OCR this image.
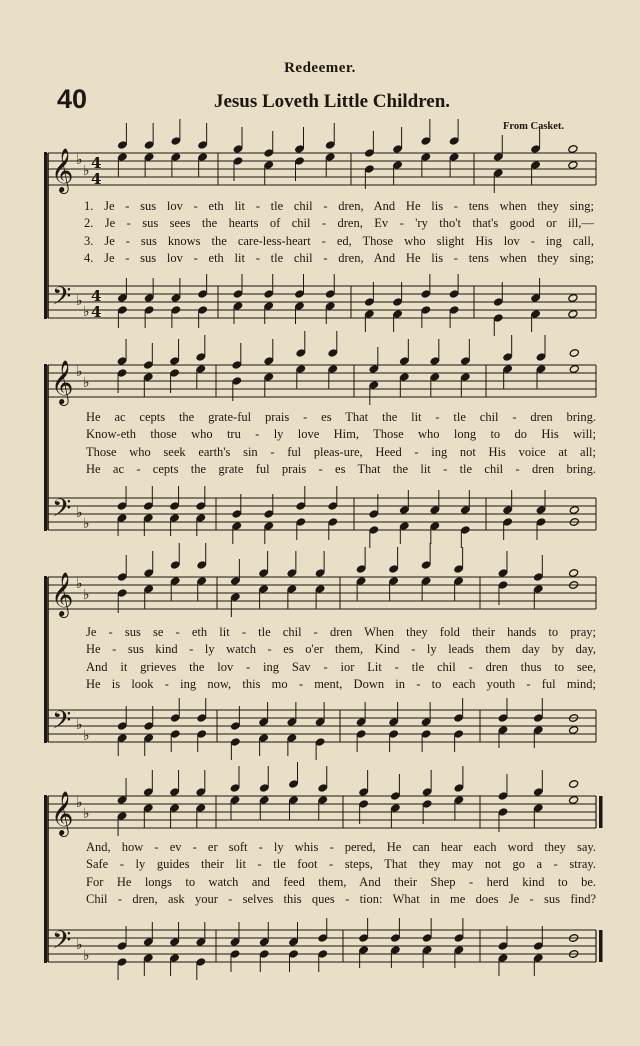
Redeemer.
40	Jesus Loveth Little Children.
From Casket.
𝄞
𝄢
♭
♭
♭
♭
4
4
4
4
𝄞
𝄢
♭
♭
♭
♭
𝄞
𝄢
♭
♭
♭
♭
𝄞
𝄢
♭
♭
♭
♭
1. Je - sus lov - eth lit - tle chil - dren, And He lis - tens when they sing;
2. Je - sus sees the hearts of chil - dren, Ev - 'ry tho't that's good or ill,—
3. Je - sus knows the care-less-heart - ed, Those who slight His lov - ing call,
4. Je - sus lov - eth lit - tle chil - dren, And He lis - tens when they sing;
He ac cepts the grate-ful prais - es That the lit - tle chil - dren bring.
Know-eth those who tru - ly love Him, Those who long to do His will;
Those who seek earth's sin - ful pleas-ure, Heed - ing not His voice at all;
He ac - cepts the grate ful prais - es That the lit - tle chil - dren bring.
Je - sus se - eth lit - tle chil - dren When they fold their hands to pray;
He - sus kind - ly watch - es o'er them, Kind - ly leads them day by day,
And it grieves the lov - ing Sav - ior Lit - tle chil - dren thus to see,
He is look - ing now, this mo - ment, Down in - to each youth - ful mind;
And, how - ev - er soft - ly whis - pered, He can hear each word they say.
Safe - ly guides their lit - tle foot - steps, That they may not go a - stray.
For He longs to watch and feed them, And their Shep - herd kind to be.
Chil - dren, ask your - selves this ques - tion: What in me does Je - sus find?
